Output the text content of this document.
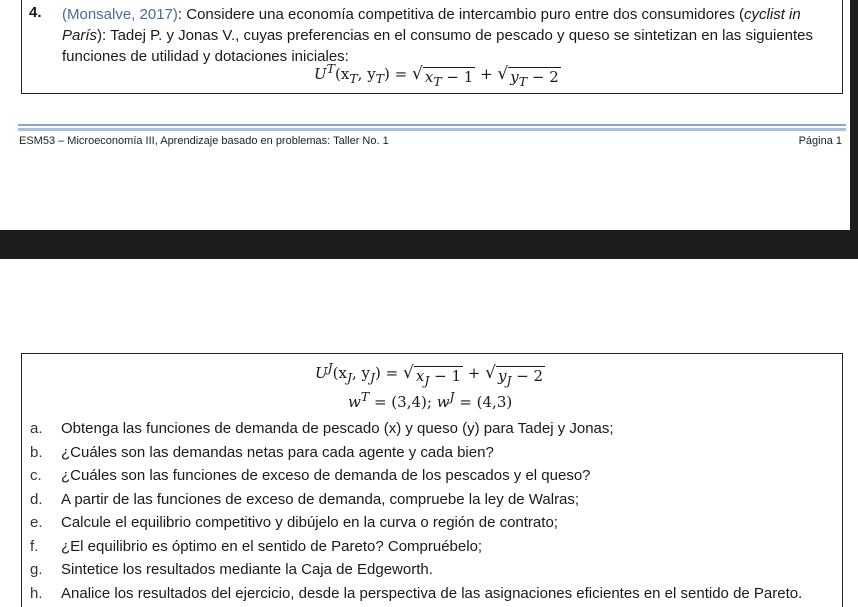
4. (Monsalve, 2017): Considere una economía competitiva de intercambio puro entre dos consumidores (cyclist in París): Tadej P. y Jonas V., cuyas preferencias en el consumo de pescado y queso se sintetizan en las siguientes funciones de utilidad y dotaciones iniciales:
$U^T(x_T$, $y_T$) = √ $x_T - 1$ + √ $y_T - 2$
ESM53 – Microeconomía III, Aprendizaje basado en problemas: Taller No. 1	Página 1
$U^J(x_J$, $y_J$) = √ $x_J - 1$ + √ $y_J - 2$
$w^T = (3,4)$; $w^J = (4,3)$
a. Obtenga las funciones de demanda de pescado (x) y queso (y) para Tadej y Jonas;
b. ¿Cuáles son las demandas netas para cada agente y cada bien?
c. ¿Cuáles son las funciones de exceso de demanda de los pescados y el queso?
d. A partir de las funciones de exceso de demanda, compruebe la ley de Walras;
e. Calcule el equilibrio competitivo y dibújelo en la curva o región de contrato;
f. ¿El equilibrio es óptimo en el sentido de Pareto? Compruébelo;
g. Sintetice los resultados mediante la Caja de Edgeworth.
h. Analice los resultados del ejercicio, desde la perspectiva de las asignaciones eficientes en el sentido de Pareto.
